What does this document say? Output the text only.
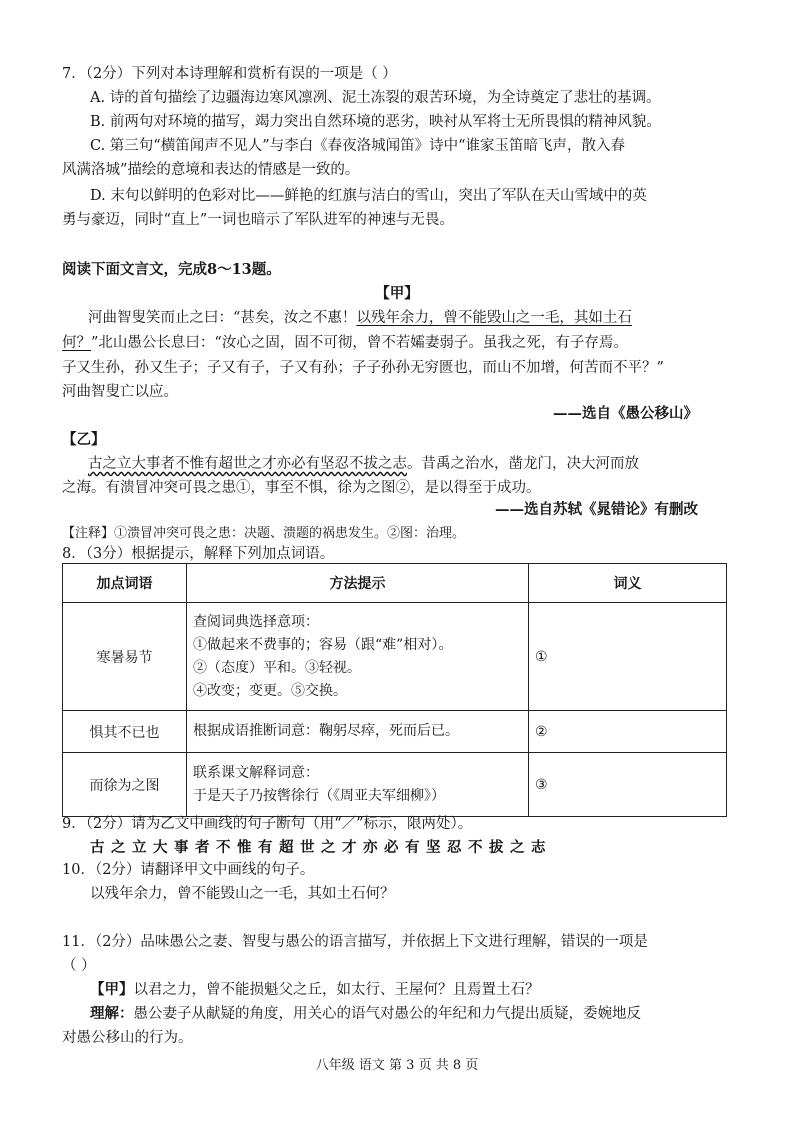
7．（2分）下列对本诗理解和赏析有误的一项是（ ）
A. 诗的首句描绘了边疆海边寒风凛冽、泥土冻裂的艰苦环境，为全诗奠定了悲壮的基调。
B. 前两句对环境的描写，竭力突出自然环境的恶劣，映衬从军将士无所畏惧的精神风貌。
C. 第三句“横笛闻声不见人”与李白《春夜洛城闻笛》诗中“谁家玉笛暗飞声，散入春
风满洛城”描绘的意境和表达的情感是一致的。
D. 末句以鲜明的色彩对比——鲜艳的红旗与洁白的雪山，突出了军队在天山雪域中的英
勇与豪迈，同时“直上”一词也暗示了军队进军的神速与无畏。
阅读下面文言文，完成8～13题。
【甲】
河曲智叟笑而止之曰：“甚矣，汝之不惠！以残年余力，曾不能毁山之一毛，其如土石
何？”北山愚公长息曰：“汝心之固，固不可彻，曾不若孀妻弱子。虽我之死，有子存焉。
子又生孙，孙又生子；子又有子，子又有孙；子子孙孙无穷匮也，而山不加增，何苦而不平？”
河曲智叟亡以应。
——选自《愚公移山》
【乙】
古之立大事者不惟有超世之才亦必有坚忍不拔之志。昔禹之治水，凿龙门，决大河而放
之海。有溃冒冲突可畏之患①，事至不惧，徐为之图②，是以得至于成功。
——选自苏轼《晁错论》有删改
【注释】①溃冒冲突可畏之患：决题、溃题的祸患发生。②图：治理。
8．（3分）根据提示，解释下列加点词语。
加点词语	方法提示	词义
寒暑易节	查阅词典选择意项：
①做起来不费事的；容易（跟“难”相对）。
②（态度）平和。③轻视。
④改变；变更。⑤交换。	①
惧其不已也	根据成语推断词意：鞠躬尽瘁，死而后已。	②
而徐为之图	联系课文解释词意：
于是天子乃按辔徐行（《周亚夫军细柳》）	③
9．（2分）请为乙文中画线的句子断句（用“／”标示，限两处）。
古之立大事者不惟有超世之才亦必有坚忍不拔之志
10．（2分）请翻译甲文中画线的句子。
以残年余力，曾不能毁山之一毛，其如土石何？
11．（2分）品味愚公之妻、智叟与愚公的语言描写，并依据上下文进行理解，错误的一项是
（ ）
【甲】以君之力，曾不能损魁父之丘，如太行、王屋何？且焉置土石？
理解：愚公妻子从献疑的角度，用关心的语气对愚公的年纪和力气提出质疑，委婉地反
对愚公移山的行为。
八年级 语文 第 3 页 共 8 页
